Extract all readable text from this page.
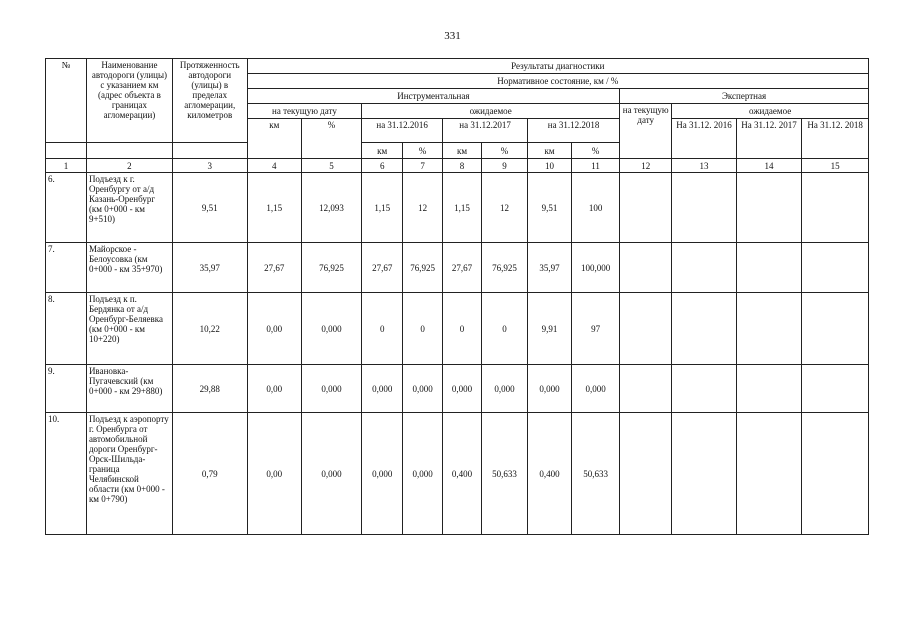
331
№	Наименование автодороги (улицы) с указанием км (адрес объекта в границах агломерации)	Протяженность автодороги (улицы) в пределах агломерации, километров	Результаты диагностики											
			Нормативное состояние, км / %											
			Инструментальная								Экспертная			
			на текущую дату		ожидаемое						на текущую дату	ожидаемое		
			км	%	на 31.12.2016		на 31.12.2017		на 31.12.2018			На 31.12. 2016	На 31.12. 2017	На 31.12. 2018
					км	%	км	%	км	%				
1	2	3	4	5	6	7	8	9	10	11	12	13	14	15
6.	Подъезд к г. Оренбургу от а/д Казань-Оренбург (км 0+000 - км 9+510)	9,51	1,15	12,093	1,15	12	1,15	12	9,51	100				
7.	Майорское - Белоусовка (км 0+000 - км 35+970)	35,97	27,67	76,925	27,67	76,925	27,67	76,925	35,97	100,000				
8.	Подъезд к п. Бердянка от а/д Оренбург-Беляевка (км 0+000 - км 10+220)	10,22	0,00	0,000	0	0	0	0	9,91	97				
9.	Ивановка-Пугачевский (км 0+000 - км 29+880)	29,88	0,00	0,000	0,000	0,000	0,000	0,000	0,000	0,000				
10.	Подъезд к аэропорту г. Оренбурга от автомобильной дороги Оренбург-Орск-Шильда-граница Челябинской области (км 0+000 - км 0+790)	0,79	0,00	0,000	0,000	0,000	0,400	50,633	0,400	50,633				
